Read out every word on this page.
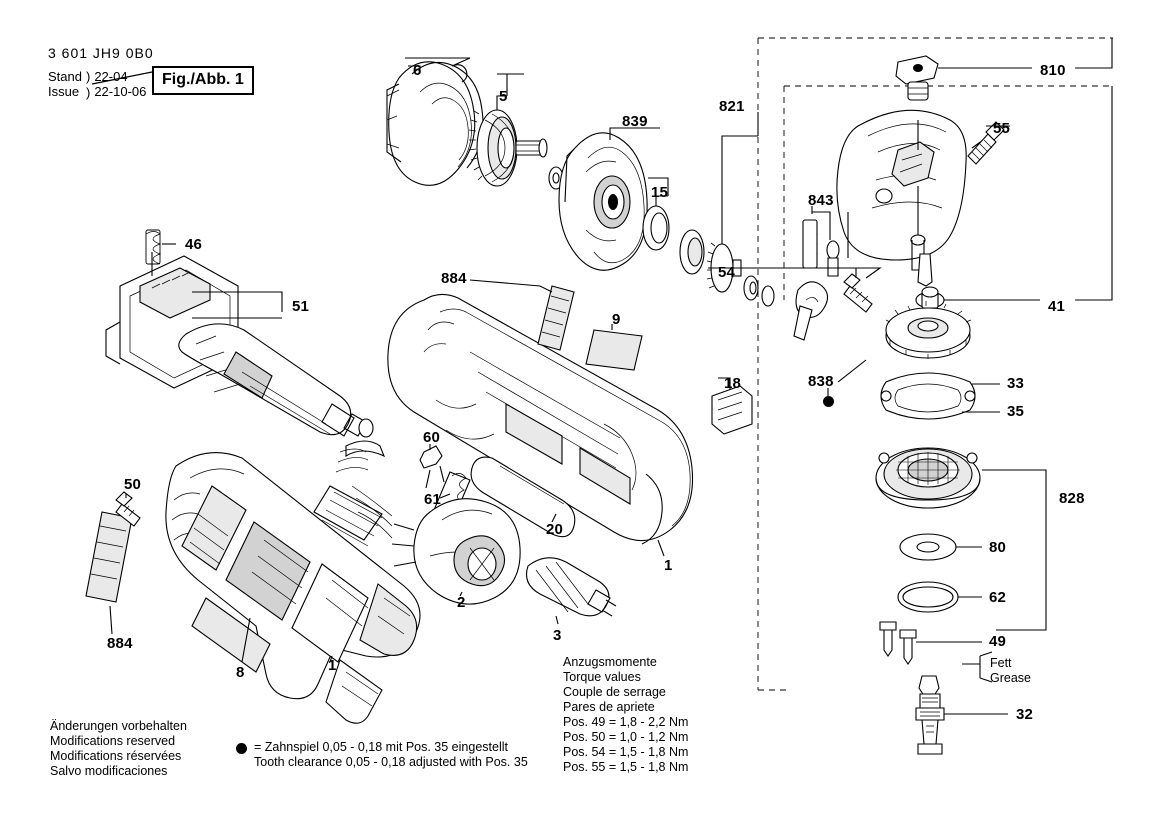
3 601 JH9 0B0
Stand
Issue
)
)
22-04
22-10-06
Fig./Abb. 1
6
5
839
821
810
55
15	843
46
54
884
51	41
9
838
18	33
35
60
61
50
828
20
80
1
62
2
3	49
884
8	1
32
Fett
Grease
Anzugsmomente
Torque values
Couple de serrage
Pares de apriete
Pos. 49 = 1,8 - 2,2 Nm
Pos. 50 = 1,0 - 1,2 Nm
Pos. 54 = 1,5 - 1,8 Nm
Pos. 55 = 1,5 - 1,8 Nm
= Zahnspiel 0,05 - 0,18 mit Pos. 35 eingestellt
Tooth clearance 0,05 - 0,18 adjusted with Pos. 35
Änderungen vorbehalten
Modifications reserved
Modifications réservées
Salvo modificaciones
